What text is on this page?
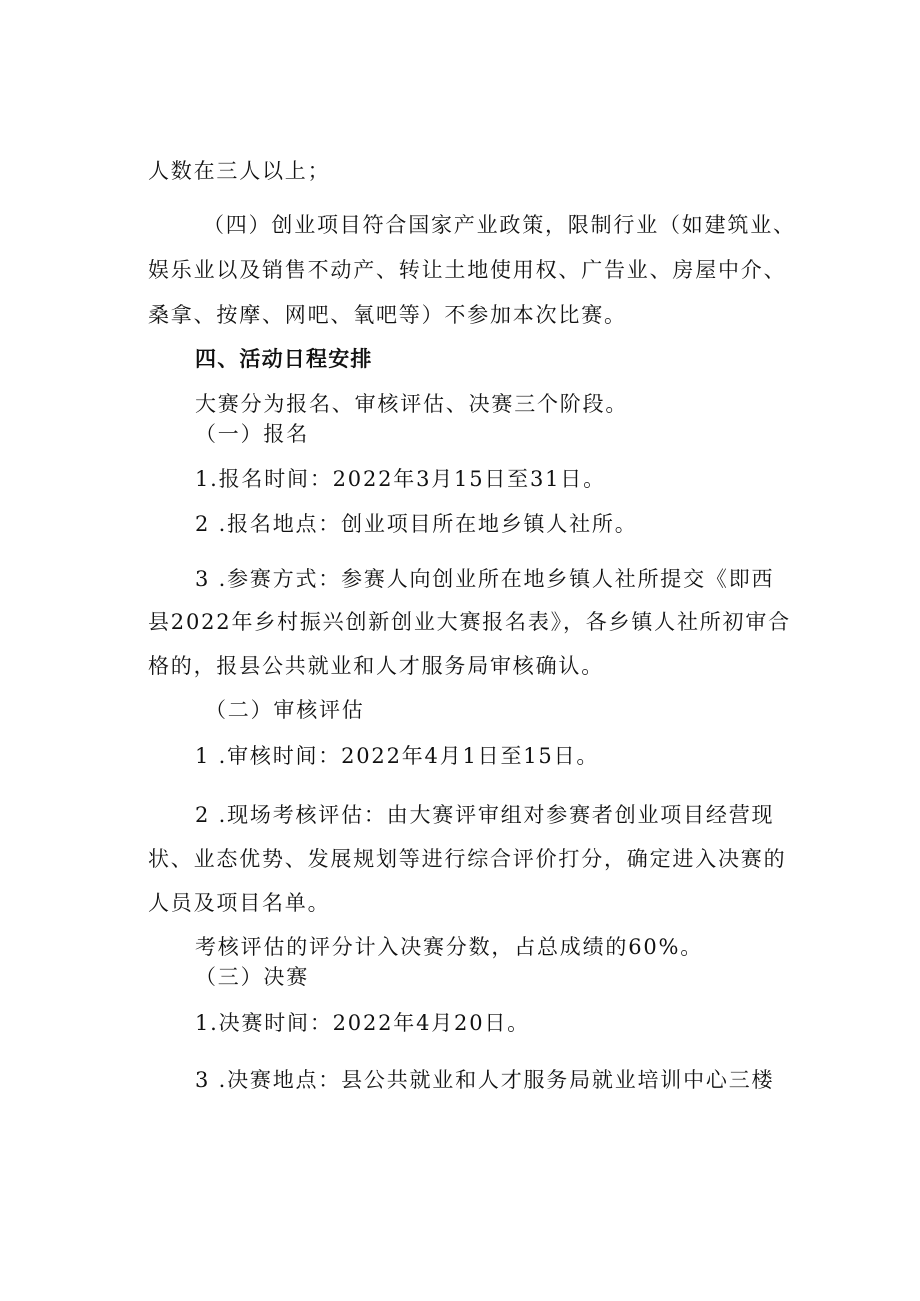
人数在三人以上；
（四）创业项目符合国家产业政策，限制行业（如建筑业、
娱乐业以及销售不动产、转让土地使用权、广告业、房屋中介、
桑拿、按摩、网吧、氧吧等）不参加本次比赛。
四、活动日程安排
大赛分为报名、审核评估、决赛三个阶段。
（一）报名
1.报名时间：2022年3月15日至31日。
2 .报名地点：创业项目所在地乡镇人社所。
3 .参赛方式：参赛人向创业所在地乡镇人社所提交《即西
县2022年乡村振兴创新创业大赛报名表》，各乡镇人社所初审合
格的，报县公共就业和人才服务局审核确认。
（二）审核评估
1 .审核时间：2022年4月1日至15日。
2 .现场考核评估：由大赛评审组对参赛者创业项目经营现
状、业态优势、发展规划等进行综合评价打分，确定进入决赛的
人员及项目名单。
考核评估的评分计入决赛分数，占总成绩的60%。
（三）决赛
1.决赛时间：2022年4月20日。
3 .决赛地点：县公共就业和人才服务局就业培训中心三楼
